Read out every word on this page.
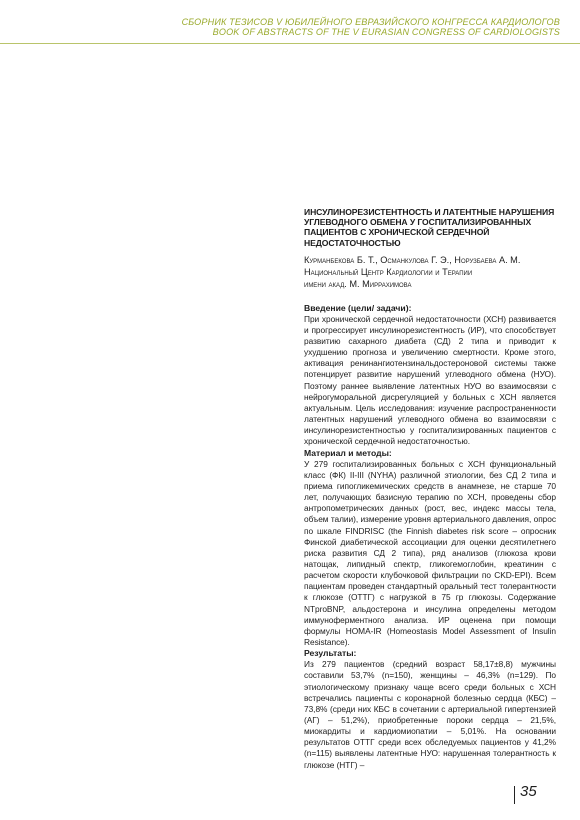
СБОРНИК ТЕЗИСОВ V ЮБИЛЕЙНОГО ЕВРАЗИЙСКОГО КОНГРЕССА КАРДИОЛОГОВ
BOOK OF ABSTRACTS OF THE V EURASIAN CONGRESS OF CARDIOLOGISTS
ИНСУЛИНОРЕЗИСТЕНТНОСТЬ И ЛАТЕНТНЫЕ НАРУШЕНИЯ УГЛЕВОДНОГО ОБМЕНА У ГОСПИТАЛИЗИРОВАННЫХ ПАЦИЕНТОВ С ХРОНИЧЕСКОЙ СЕРДЕЧНОЙ НЕДОСТАТОЧНОСТЬЮ
Курманбекова Б. Т., Османкулова Г. Э., Норузбаева А. М.
Национальный Центр Кардиологии и Терапии
имени акад. М. Миррахимова
Введение (цели/ задачи):

При хронической сердечной недостаточности (ХСН) развивается и прогрессирует инсулинорезистентность (ИР), что способствует развитию сахарного диабета (СД) 2 типа и приводит к ухудшению прогноза и увеличению смертности. Кроме этого, активация ренинангиотензинальдостероновой системы также потенцирует развитие нарушений углеводного обмена (НУО). Поэтому раннее выявление латентных НУО во взаимосвязи с нейрогуморальной дисрегуляцией у больных с ХСН является актуальным. Цель исследования: изучение распространенности латентных нарушений углеводного обмена во взаимосвязи с инсулинорезистентностью у госпитализированных пациентов с хронической сердечной недостаточностью.

Материал и методы:

У 279 госпитализированных больных с ХСН функциональный класс (ФК) II-III (NYHA) различной этиологии, без СД 2 типа и приема гипогликемических средств в анамнезе, не старше 70 лет, получающих базисную терапию по ХСН, проведены сбор антропометрических данных (рост, вес, индекс массы тела, объем талии), измерение уровня артериального давления, опрос по шкале FINDRISC (the Finnish diabetes risk score – опросник Финской диабетической ассоциации для оценки десятилетнего риска развития СД 2 типа), ряд анализов (глюкоза крови натощак, липидный спектр, гликогемоглобин, креатинин с расчетом скорости клубочковой фильтрации по CKD-EPI). Всем пациентам проведен стандартный оральный тест толерантности к глюкозе (ОТТГ) с нагрузкой в 75 гр глюкозы. Содержание NTproBNP, альдостерона и инсулина определены методом иммуноферментного анализа. ИР оценена при помощи формулы HOMA-IR (Homeostasis Model Assessment of Insulin Resistance).

Результаты:

Из 279 пациентов (средний возраст 58,17±8,8) мужчины составили 53,7% (n=150), женщины – 46,3% (n=129). По этиологическому признаку чаще всего среди больных с ХСН встречались пациенты с коронарной болезнью сердца (КБС) – 73,8% (среди них КБС в сочетании с артериальной гипертензией (АГ) – 51,2%), приобретенные пороки сердца – 21,5%, миокардиты и кардиомиопатии – 5,01%. На основании результатов ОТТГ среди всех обследуемых пациентов у 41,2% (n=115) выявлены латентные НУО: нарушенная толерантность к глюкозе (НТГ) –

35
